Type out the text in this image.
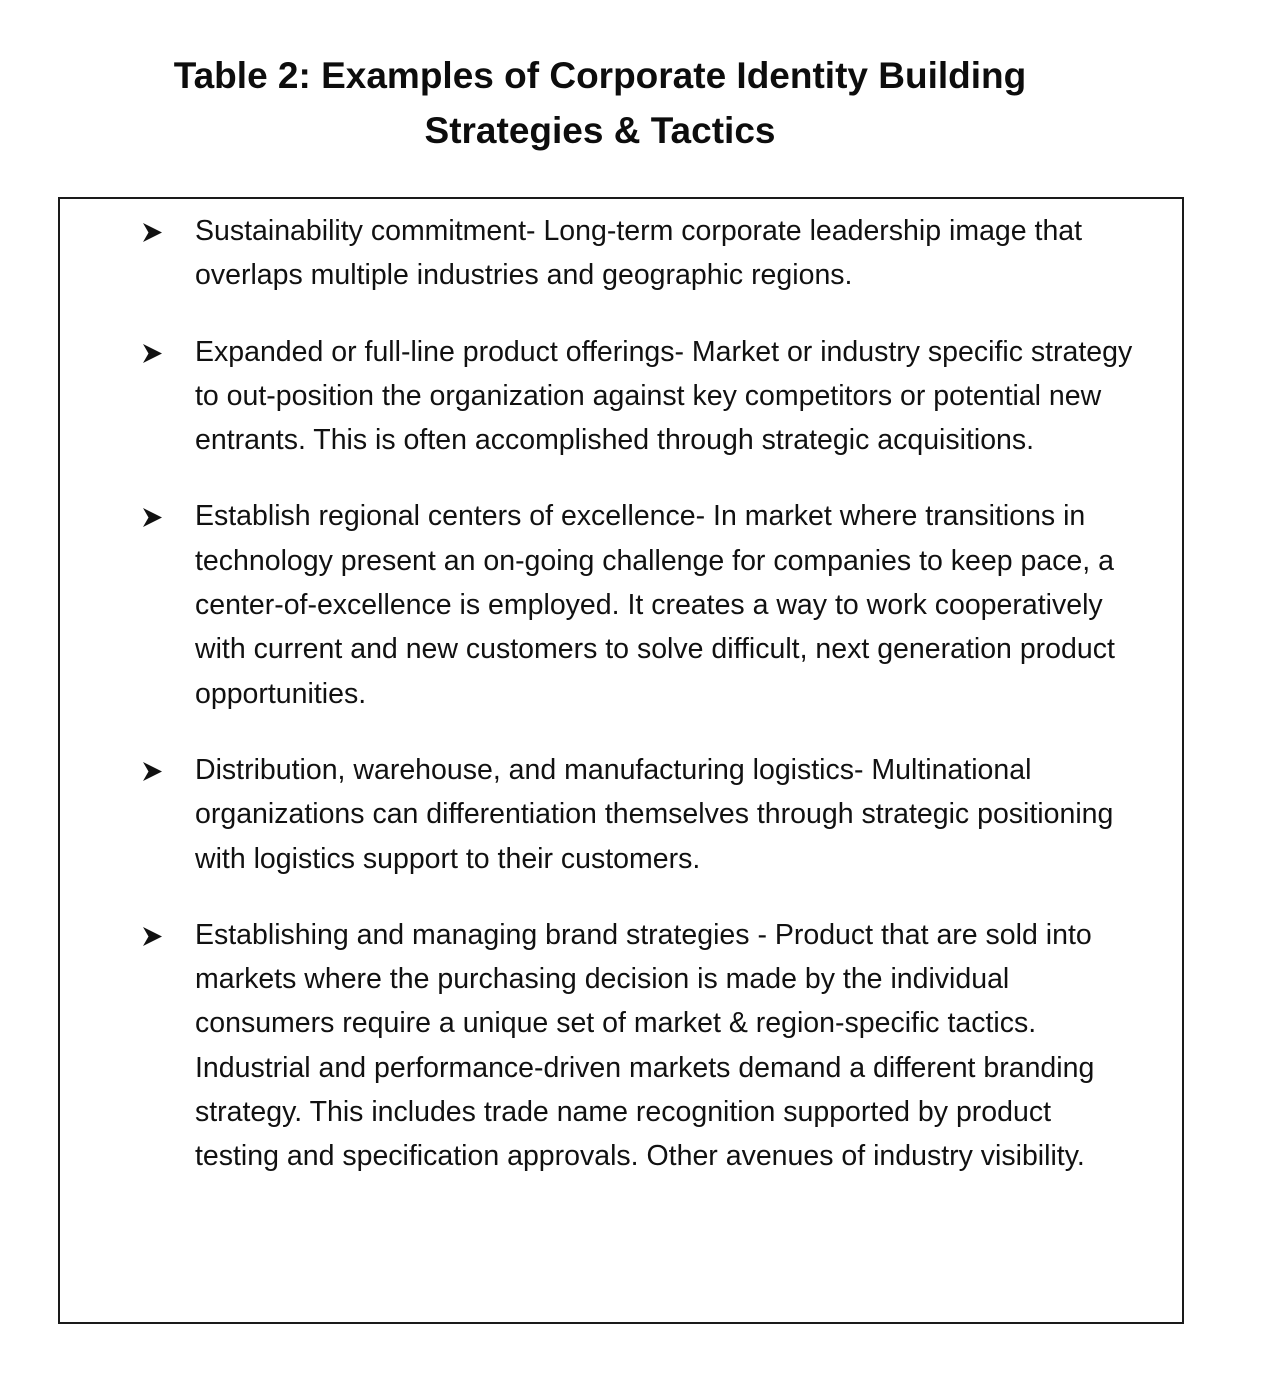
Table 2: Examples of Corporate Identity Building
Strategies & Tactics
Sustainability commitment- Long-term corporate leadership image that overlaps multiple industries and geographic regions.
Expanded or full-line product offerings- Market or industry specific strategy to out-position the organization against key competitors or potential new entrants. This is often accomplished through strategic acquisitions.
Establish regional centers of excellence- In market where transitions in technology present an on-going challenge for companies to keep pace, a center-of-excellence is employed. It creates a way to work cooperatively with current and new customers to solve difficult, next generation product opportunities.
Distribution, warehouse, and manufacturing logistics- Multinational organizations can differentiation themselves through strategic positioning with logistics support to their customers.
Establishing and managing brand strategies - Product that are sold into markets where the purchasing decision is made by the individual consumers require a unique set of market & region-specific tactics. Industrial and performance-driven markets demand a different branding strategy. This includes trade name recognition supported by product testing and specification approvals. Other avenues of industry visibility.
